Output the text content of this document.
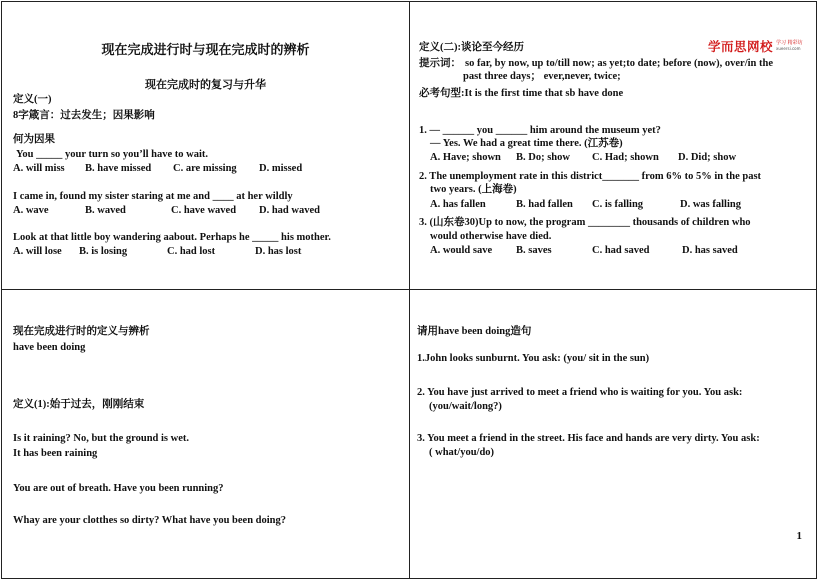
现在完成进行时与现在完成时的辨析
现在完成时的复习与升华
定义(一)
8字箴言：过去发生；因果影响
何为因果
You _____ your turn so you’ll have to wait.
A. will miss B. have missed C. are missing D. missed
I came in, found my sister staring at me and ____ at her wildly
A. wave	B. waved	C. have waved D. had waved
Look at that little boy wandering aabout. Perhaps he _____ his mother.
A. will lose B. is losing	C. had lost	D. has lost
学而思网校 学习 精彩坊
xueersi.com
定义(二):谈论至今经历
提示词： so far, by now, up to/till now; as yet;to date; before (now), over/in the
past three days； ever,never, twice;
必考句型:It is the first time that sb have done
1. — ______ you ______ him around the museum yet?
— Yes. We had a great time there. (江苏卷)
A. Have; shown B. Do; show C. Had; shown D. Did; show
2. The unemployment rate in this district_______ from 6% to 5% in the past
two years. (上海卷)
A. has fallen	B. had fallen C. is falling	D. was falling
3. (山东卷30)Up to now, the program ________ thousands of children who
would otherwise have died.
A. would save B. saves	C. had saved	D. has saved
现在完成进行时的定义与辨析
have been doing
定义(1):始于过去，刚刚结束
Is it raining? No, but the ground is wet.
It has been raining
You are out of breath. Have you been running?
Whay are your clotthes so dirty? What have you been doing?
请用have been doing造句
1.John looks sunburnt. You ask: (you/ sit in the sun)
2. You have just arrived to meet a friend who is waiting for you. You ask:
(you/wait/long?)
3. You meet a friend in the street. His face and hands are very dirty. You ask:
( what/you/do)
1
